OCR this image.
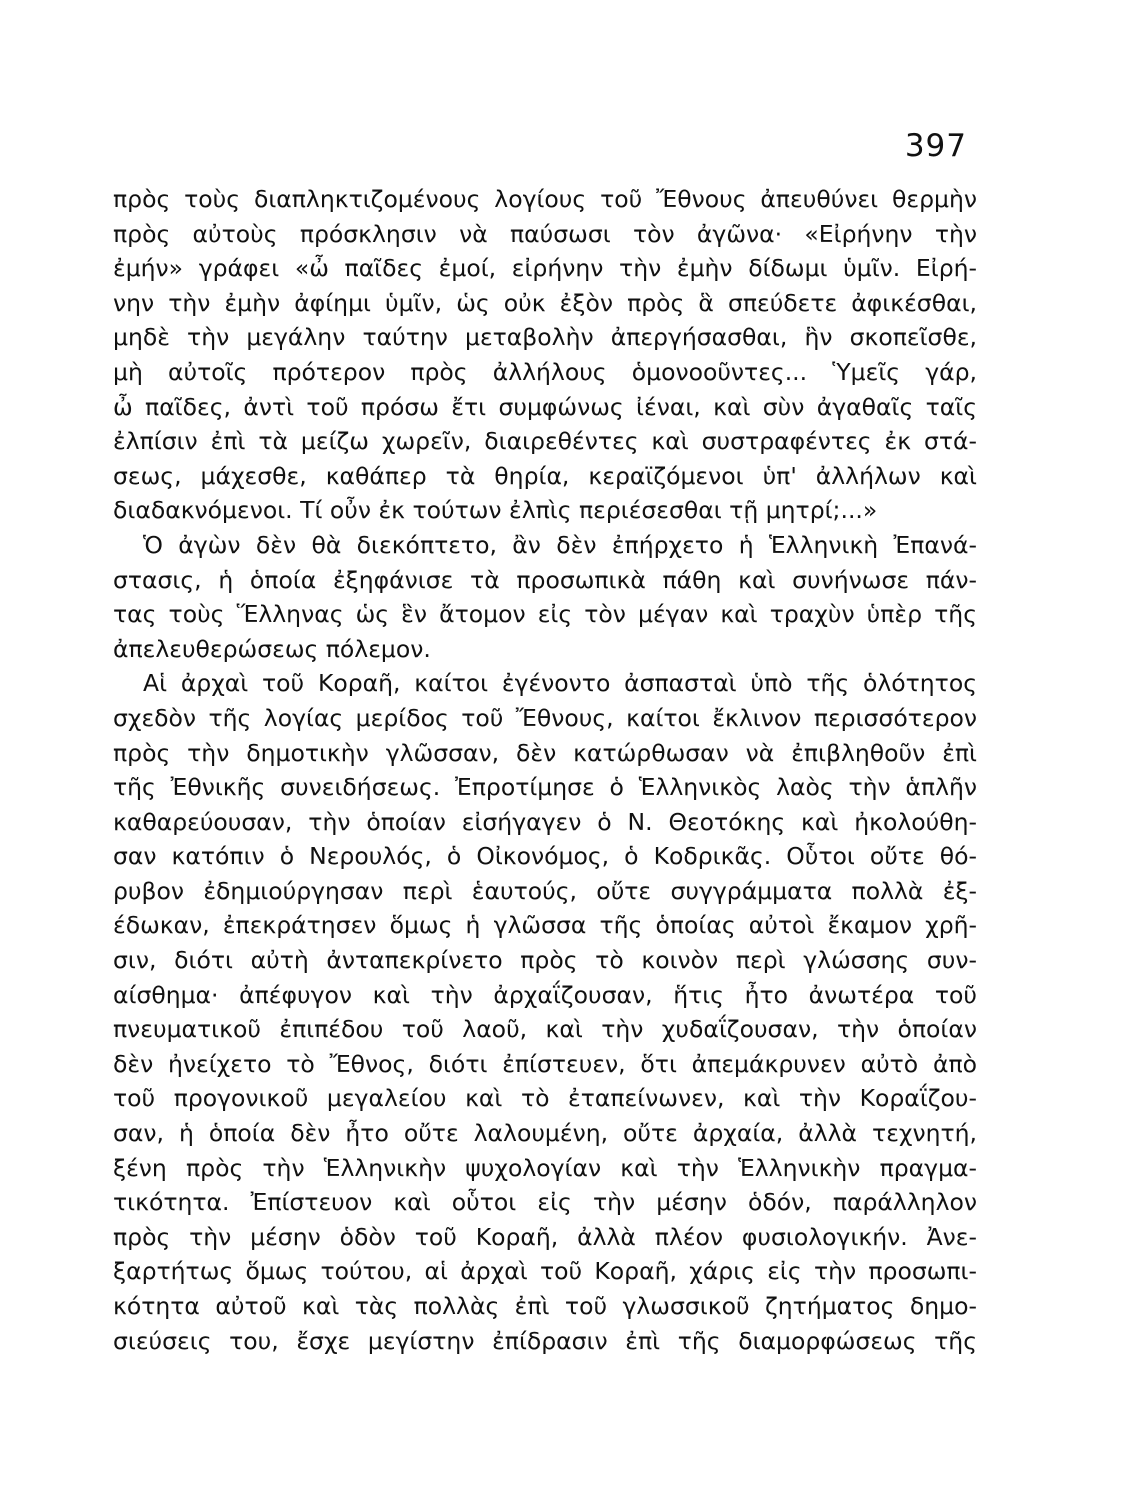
397
πρὸς τοὺς διαπληκτιζομένους λογίους τοῦ Ἔθνους ἀπευθύνει θερμὴν
πρὸς αὐτοὺς πρόσκλησιν νὰ παύσωσι τὸν ἀγῶνα· «Εἰρήνην τὴν
ἐμήν» γράφει «ὦ παῖδες ἐμοί, εἰρήνην τὴν ἐμὴν δίδωμι ὑμῖν. Εἰρή-
νην τὴν ἐμὴν ἀφίημι ὑμῖν, ὡς οὐκ ἐξὸν πρὸς ἃ σπεύδετε ἀφικέσθαι,
μηδὲ τὴν μεγάλην ταύτην μεταβολὴν ἀπεργήσασθαι, ἣν σκοπεῖσθε,
μὴ αὐτοῖς πρότερον πρὸς ἀλλήλους ὁμονοοῦντες... Ὑμεῖς γάρ,
ὦ παῖδες, ἀντὶ τοῦ πρόσω ἔτι συμφώνως ἰέναι, καὶ σὺν ἀγαθαῖς ταῖς
ἐλπίσιν ἐπὶ τὰ μείζω χωρεῖν, διαιρεθέντες καὶ συστραφέντες ἐκ στά-
σεως, μάχεσθε, καθάπερ τὰ θηρία, κεραϊζόμενοι ὑπ' ἀλλήλων καὶ
διαδακνόμενοι. Τί οὖν ἐκ τούτων ἐλπὶς περιέσεσθαι τῇ μητρί;...»
Ὁ ἀγὼν δὲν θὰ διεκόπτετο, ἂν δὲν ἐπήρχετο ἡ Ἑλληνικὴ Ἐπανά-
στασις, ἡ ὁποία ἐξηφάνισε τὰ προσωπικὰ πάθη καὶ συνήνωσε πάν-
τας τοὺς Ἕλληνας ὡς ἓν ἄτομον εἰς τὸν μέγαν καὶ τραχὺν ὑπὲρ τῆς
ἀπελευθερώσεως πόλεμον.
Αἱ ἀρχαὶ τοῦ Κοραῆ, καίτοι ἐγένοντο ἀσπασταὶ ὑπὸ τῆς ὁλότητος
σχεδὸν τῆς λογίας μερίδος τοῦ Ἔθνους, καίτοι ἔκλινον περισσότερον
πρὸς τὴν δημοτικὴν γλῶσσαν, δὲν κατώρθωσαν νὰ ἐπιβληθοῦν ἐπὶ
τῆς Ἐθνικῆς συνειδήσεως. Ἐπροτίμησε ὁ Ἑλληνικὸς λαὸς τὴν ἁπλῆν
καθαρεύουσαν, τὴν ὁποίαν εἰσήγαγεν ὁ Ν. Θεοτόκης καὶ ἠκολούθη-
σαν κατόπιν ὁ Νερουλός, ὁ Οἰκονόμος, ὁ Κοδρικᾶς. Οὗτοι οὔτε θό-
ρυβον ἐδημιούργησαν περὶ ἑαυτούς, οὔτε συγγράμματα πολλὰ ἐξ-
έδωκαν, ἐπεκράτησεν ὅμως ἡ γλῶσσα τῆς ὁποίας αὐτοὶ ἔκαμον χρῆ-
σιν, διότι αὐτὴ ἀνταπεκρίνετο πρὸς τὸ κοινὸν περὶ γλώσσης συν-
αίσθημα· ἀπέφυγον καὶ τὴν ἀρχαΐζουσαν, ἥτις ἦτο ἀνωτέρα τοῦ
πνευματικοῦ ἐπιπέδου τοῦ λαοῦ, καὶ τὴν χυδαΐζουσαν, τὴν ὁποίαν
δὲν ἠνείχετο τὸ Ἔθνος, διότι ἐπίστευεν, ὅτι ἀπεμάκρυνεν αὐτὸ ἀπὸ
τοῦ προγονικοῦ μεγαλείου καὶ τὸ ἐταπείνωνεν, καὶ τὴν Κοραΐζου-
σαν, ἡ ὁποία δὲν ἦτο οὔτε λαλουμένη, οὔτε ἀρχαία, ἀλλὰ τεχνητή,
ξένη πρὸς τὴν Ἑλληνικὴν ψυχολογίαν καὶ τὴν Ἑλληνικὴν πραγμα-
τικότητα. Ἐπίστευον καὶ οὗτοι εἰς τὴν μέσην ὁδόν, παράλληλον
πρὸς τὴν μέσην ὁδὸν τοῦ Κοραῆ, ἀλλὰ πλέον φυσιολογικήν. Ἀνε-
ξαρτήτως ὅμως τούτου, αἱ ἀρχαὶ τοῦ Κοραῆ, χάρις εἰς τὴν προσωπι-
κότητα αὐτοῦ καὶ τὰς πολλὰς ἐπὶ τοῦ γλωσσικοῦ ζητήματος δημο-
σιεύσεις του, ἔσχε μεγίστην ἐπίδρασιν ἐπὶ τῆς διαμορφώσεως τῆς
